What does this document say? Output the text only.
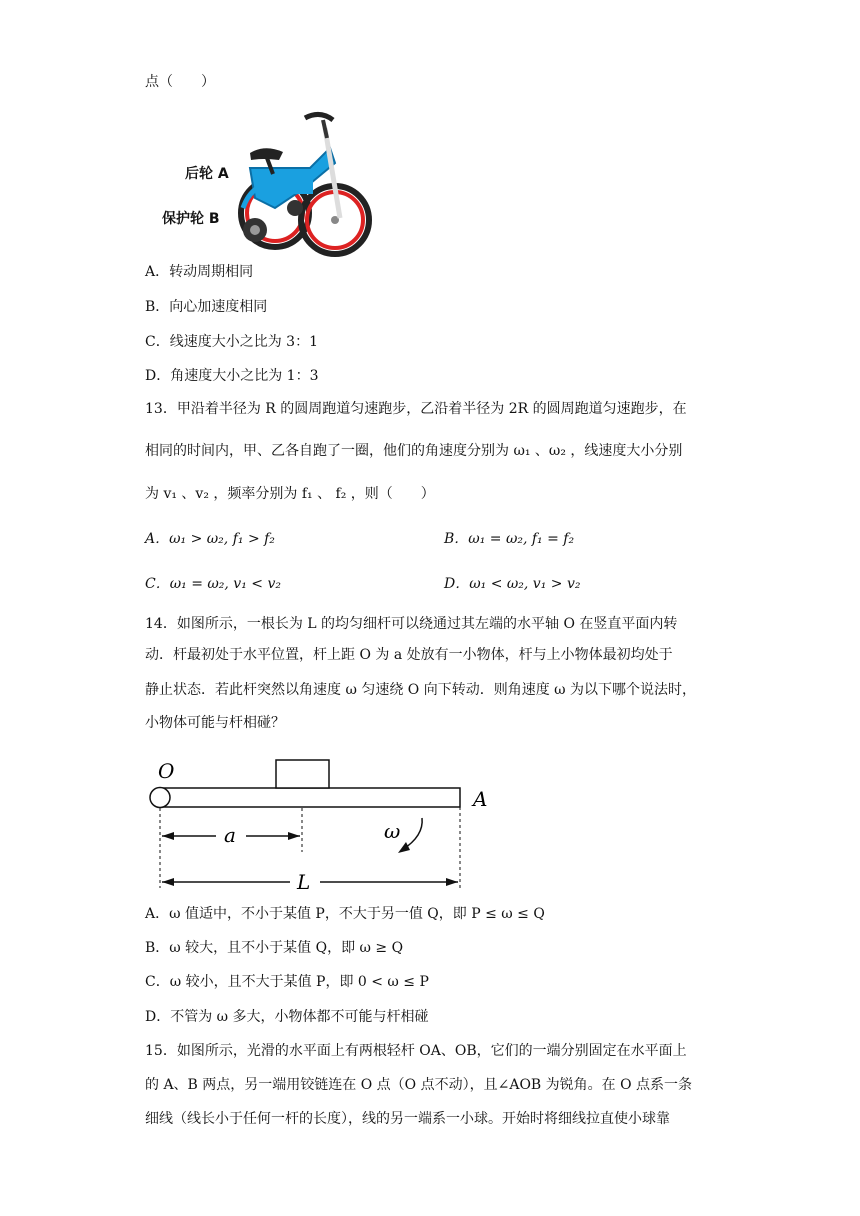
点（　　）
后轮 A
保护轮 B
A．转动周期相同
B．向心加速度相同
C．线速度大小之比为 3：1
D．角速度大小之比为 1：3
13．甲沿着半径为 R 的圆周跑道匀速跑步，乙沿着半径为 2R 的圆周跑道匀速跑步，在
相同的时间内，甲、乙各自跑了一圈，他们的角速度分别为 ω₁ 、ω₂ ，线速度大小分别
为 v₁ 、v₂ ，频率分别为 f₁ 、 f₂ ，则（　　）
A．ω₁ > ω₂, f₁ > f₂	B．ω₁ = ω₂, f₁ = f₂
C．ω₁ = ω₂, v₁ < v₂	D．ω₁ < ω₂, v₁ > v₂
14．如图所示，一根长为 L 的均匀细杆可以绕通过其左端的水平轴 O 在竖直平面内转
动．杆最初处于水平位置，杆上距 O 为 a 处放有一小物体，杆与上小物体最初均处于
静止状态．若此杆突然以角速度 ω 匀速绕 O 向下转动．则角速度 ω 为以下哪个说法时，
小物体可能与杆相碰？
O
A
a
L
ω
A．ω 值适中，不小于某值 P，不大于另一值 Q，即 P ≤ ω ≤ Q
B．ω 较大，且不小于某值 Q，即 ω ≥ Q
C．ω 较小，且不大于某值 P，即 0 < ω ≤ P
D．不管为 ω 多大，小物体都不可能与杆相碰
15．如图所示，光滑的水平面上有两根轻杆 OA、OB，它们的一端分别固定在水平面上
的 A、B 两点，另一端用铰链连在 O 点（O 点不动），且∠AOB 为锐角。在 O 点系一条
细线（线长小于任何一杆的长度），线的另一端系一小球。开始时将细线拉直使小球靠
